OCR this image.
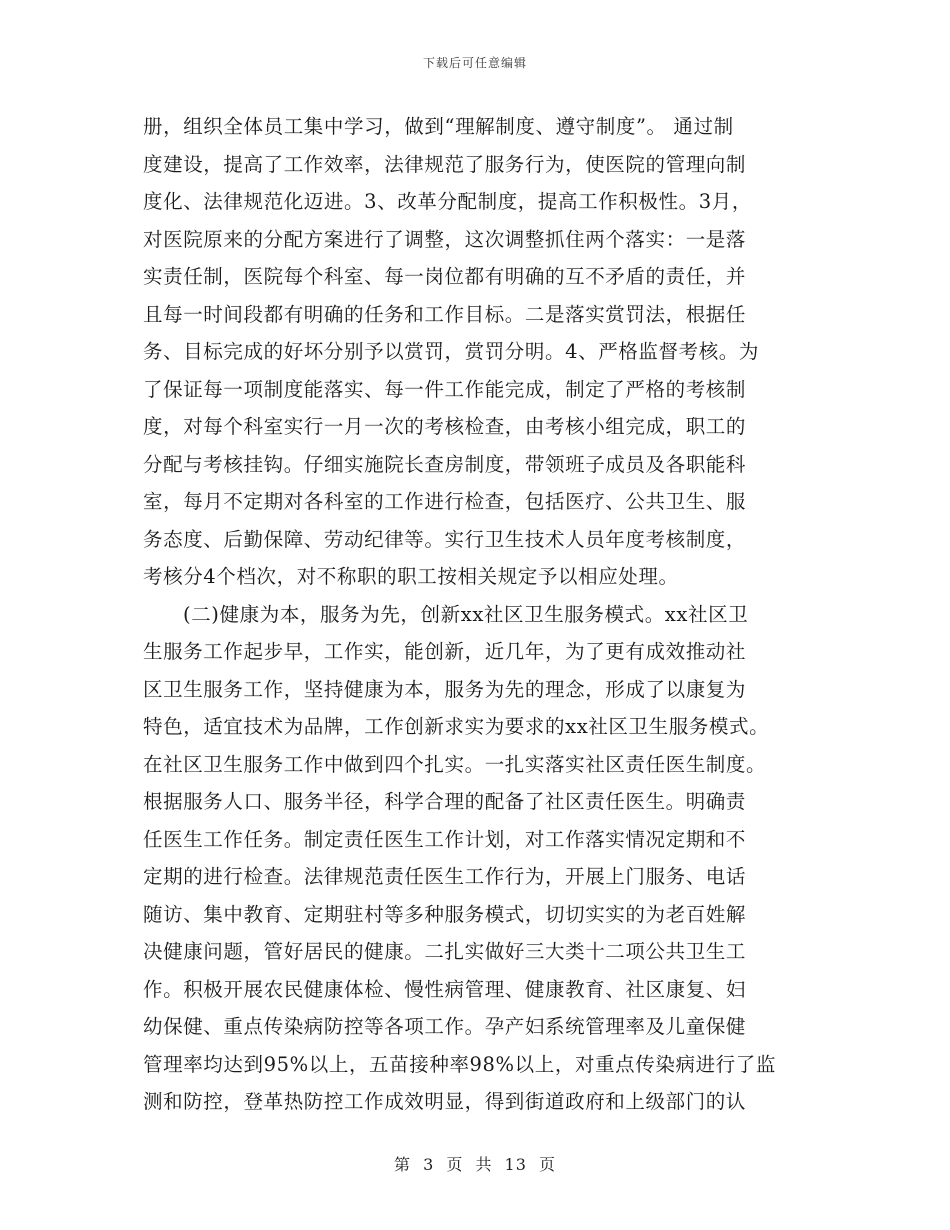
下载后可任意编辑
册，组织全体员工集中学习，做到“理解制度、遵守制度”。 通过制
度建设，提高了工作效率，法律规范了服务行为，使医院的管理向制
度化、法律规范化迈进。3、改革分配制度，提高工作积极性。3月，
对医院原来的分配方案进行了调整，这次调整抓住两个落实：一是落
实责任制，医院每个科室、每一岗位都有明确的互不矛盾的责任，并
且每一时间段都有明确的任务和工作目标。二是落实赏罚法，根据任
务、目标完成的好坏分别予以赏罚，赏罚分明。4、严格监督考核。为
了保证每一项制度能落实、每一件工作能完成，制定了严格的考核制
度，对每个科室实行一月一次的考核检查，由考核小组完成，职工的
分配与考核挂钩。仔细实施院长查房制度，带领班子成员及各职能科
室，每月不定期对各科室的工作进行检查，包括医疗、公共卫生、服
务态度、后勤保障、劳动纪律等。实行卫生技术人员年度考核制度，
考核分4个档次，对不称职的职工按相关规定予以相应处理。
(二)健康为本，服务为先，创新xx社区卫生服务模式。xx社区卫
生服务工作起步早，工作实，能创新，近几年，为了更有成效推动社
区卫生服务工作，坚持健康为本，服务为先的理念，形成了以康复为
特色，适宜技术为品牌，工作创新求实为要求的xx社区卫生服务模式。
在社区卫生服务工作中做到四个扎实。一扎实落实社区责任医生制度。
根据服务人口、服务半径，科学合理的配备了社区责任医生。明确责
任医生工作任务。制定责任医生工作计划，对工作落实情况定期和不
定期的进行检查。法律规范责任医生工作行为，开展上门服务、电话
随访、集中教育、定期驻村等多种服务模式，切切实实的为老百姓解
决健康问题，管好居民的健康。二扎实做好三大类十二项公共卫生工
作。积极开展农民健康体检、慢性病管理、健康教育、社区康复、妇
幼保健、重点传染病防控等各项工作。孕产妇系统管理率及儿童保健
管理率均达到95%以上，五苗接种率98%以上，对重点传染病进行了监
测和防控，登革热防控工作成效明显，得到街道政府和上级部门的认
第 3 页 共 13 页
